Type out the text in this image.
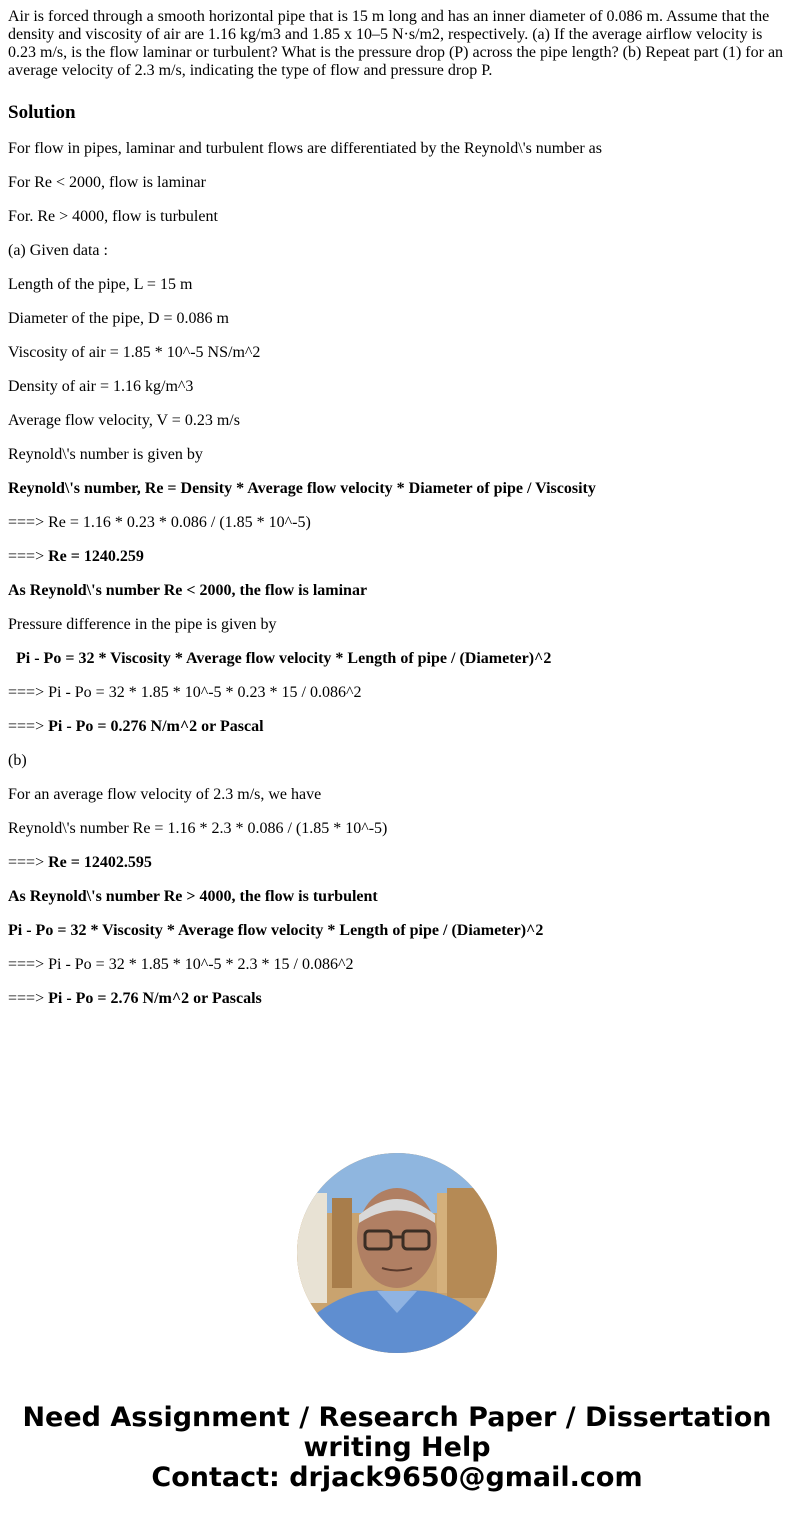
Air is forced through a smooth horizontal pipe that is 15 m long and has an inner diameter of 0.086 m. Assume that the density and viscosity of air are 1.16 kg/m3 and 1.85 x 10–5 N·s/m2, respectively. (a) If the average airflow velocity is 0.23 m/s, is the flow laminar or turbulent? What is the pressure drop (P) across the pipe length? (b) Repeat part (1) for an average velocity of 2.3 m/s, indicating the type of flow and pressure drop P.

Solution

For flow in pipes, laminar and turbulent flows are differentiated by the Reynold\'s number as

For Re < 2000, flow is laminar

For. Re > 4000, flow is turbulent

(a) Given data :

Length of the pipe, L = 15 m

Diameter of the pipe, D = 0.086 m

Viscosity of air = 1.85 * 10^-5 NS/m^2

Density of air = 1.16 kg/m^3

Average flow velocity, V = 0.23 m/s

Reynold\'s number is given by

Reynold\'s number, Re = Density * Average flow velocity * Diameter of pipe / Viscosity

===> Re = 1.16 * 0.23 * 0.086 / (1.85 * 10^-5)

===> Re = 1240.259

As Reynold\'s number Re < 2000, the flow is laminar

Pressure difference in the pipe is given by

Pi - Po = 32 * Viscosity * Average flow velocity * Length of pipe / (Diameter)^2

===> Pi - Po = 32 * 1.85 * 10^-5 * 0.23 * 15 / 0.086^2

===> Pi - Po = 0.276 N/m^2 or Pascal

(b)

For an average flow velocity of 2.3 m/s, we have

Reynold\'s number Re = 1.16 * 2.3 * 0.086 / (1.85 * 10^-5)

===> Re = 12402.595

As Reynold\'s number Re > 4000, the flow is turbulent

Pi - Po = 32 * Viscosity * Average flow velocity * Length of pipe / (Diameter)^2

===> Pi - Po = 32 * 1.85 * 10^-5 * 2.3 * 15 / 0.086^2

===> Pi - Po = 2.76 N/m^2 or Pascals

Need Assignment / Research Paper / Dissertation
writing Help
Contact: drjack9650@gmail.com
